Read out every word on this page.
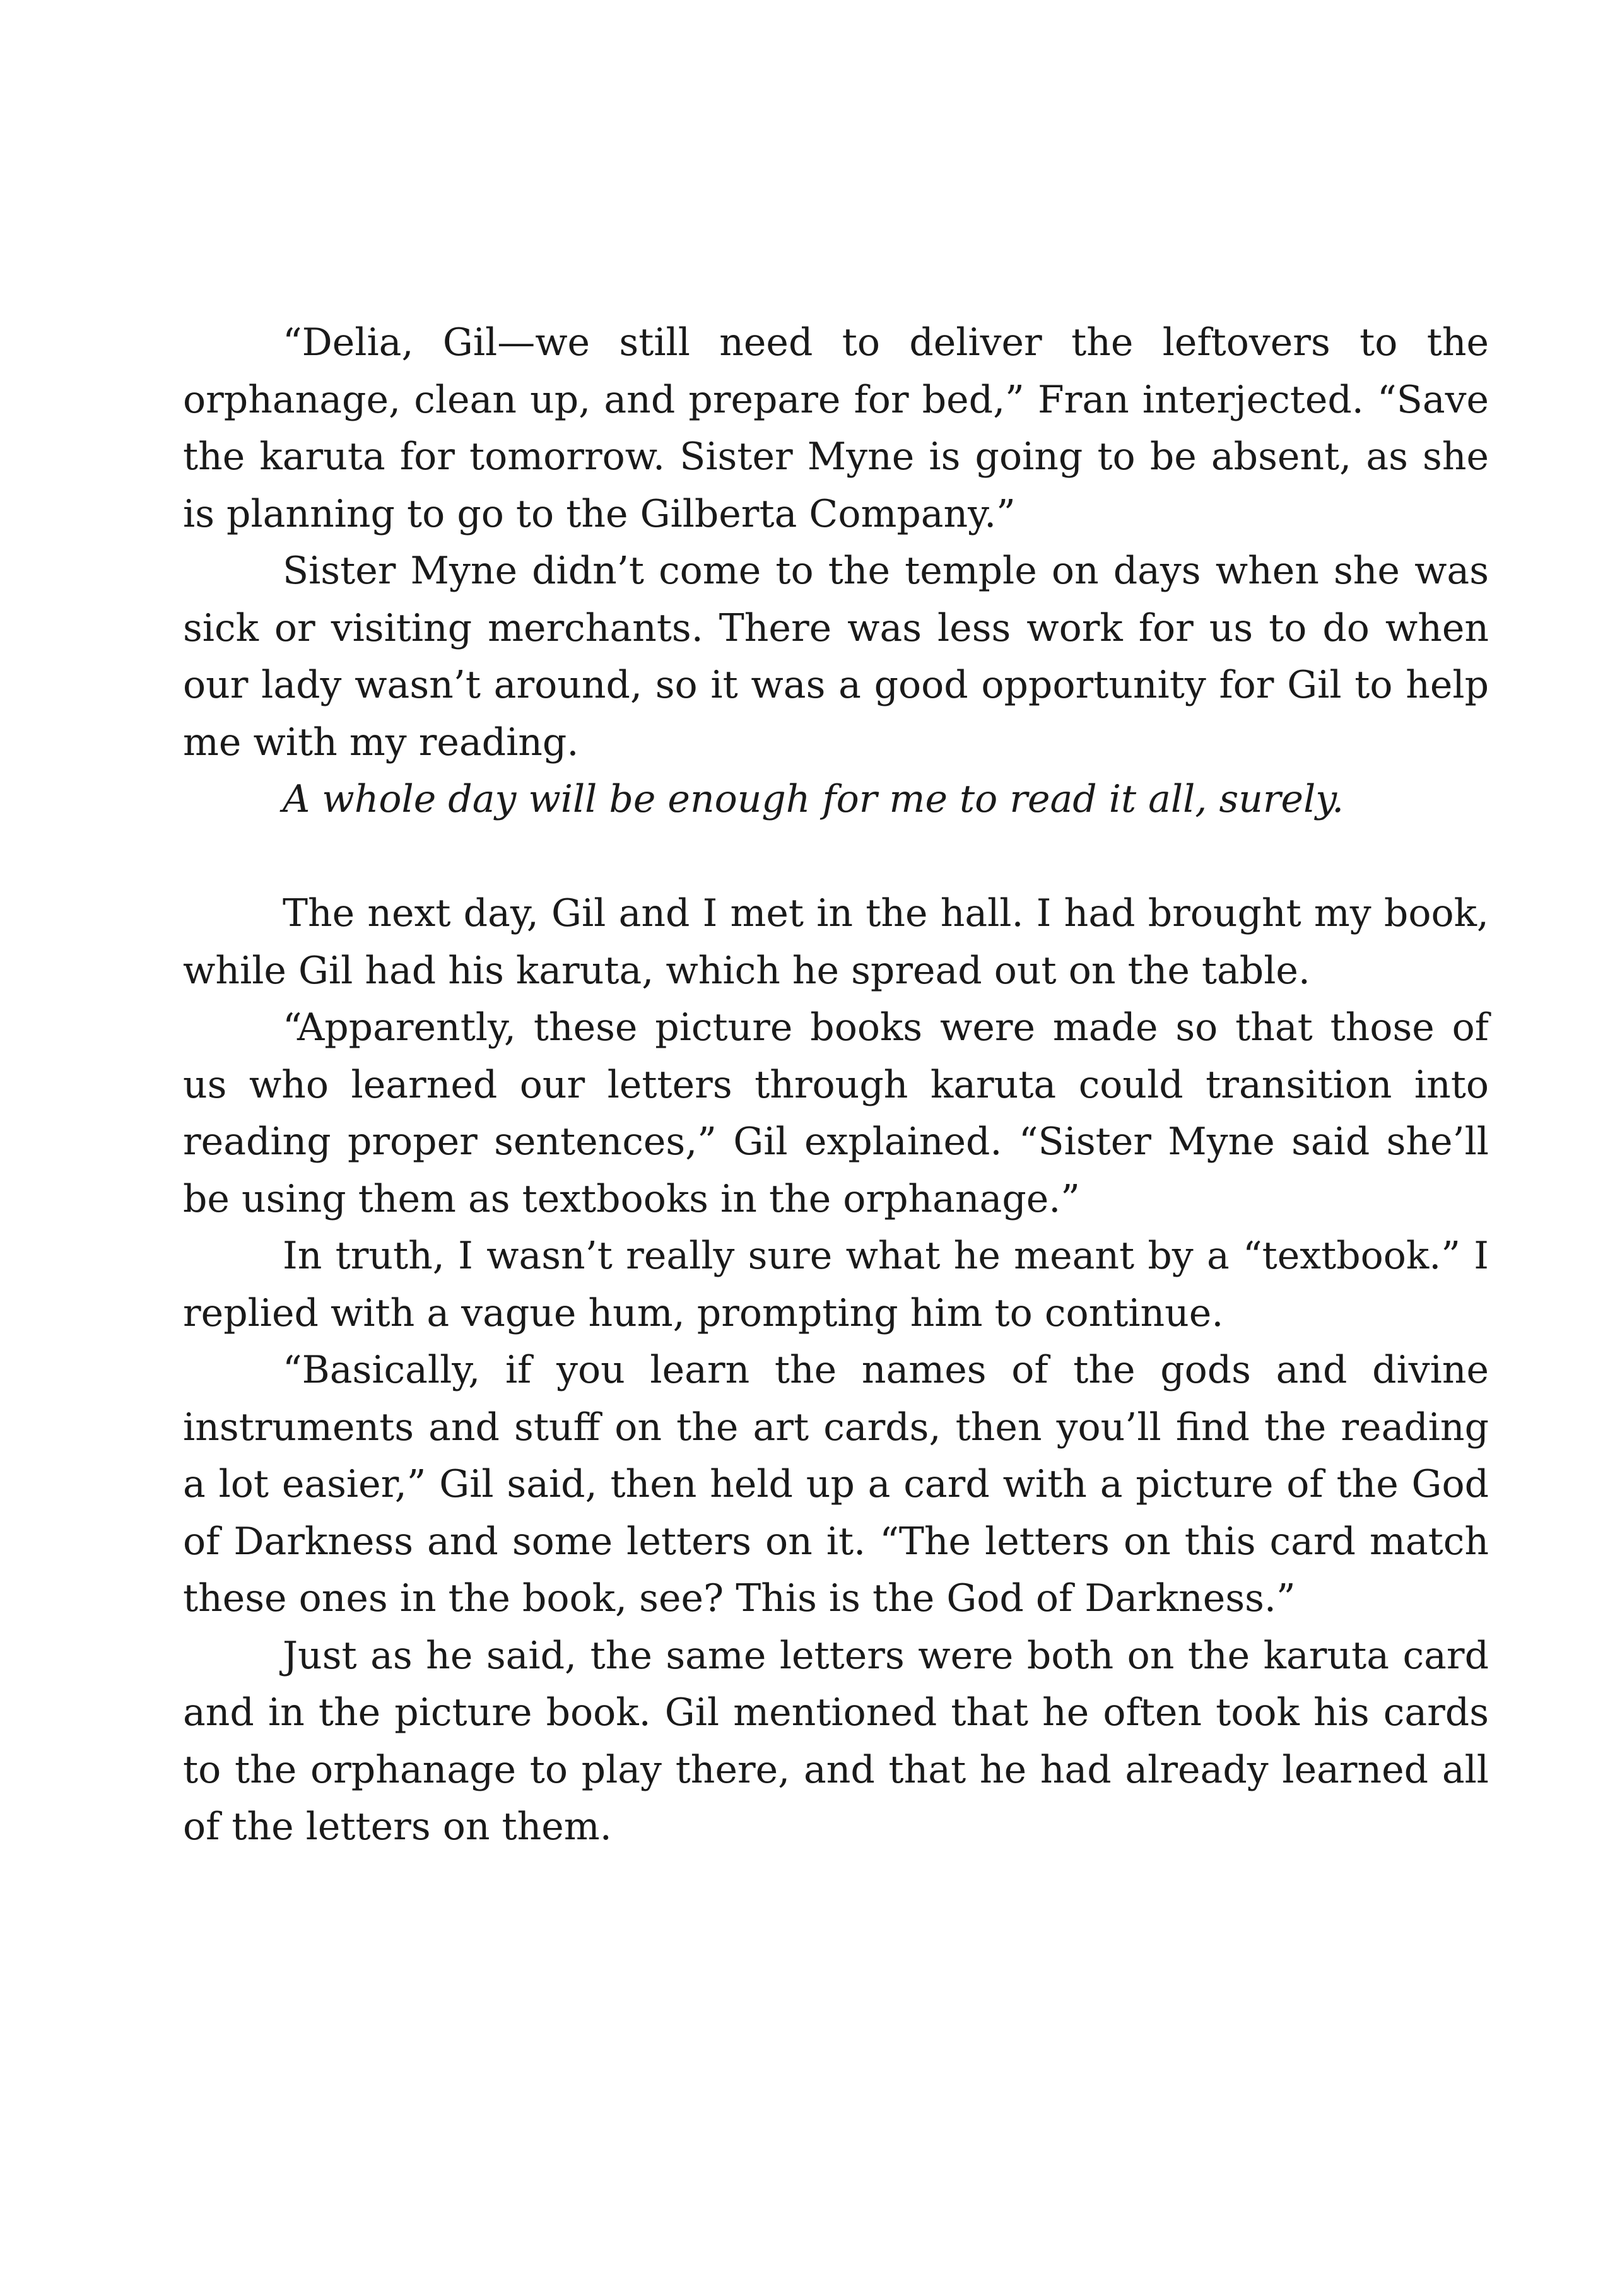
“Delia, Gil—we still need to deliver the leftovers to the orphanage, clean up, and prepare for bed,” Fran interjected. “Save the karuta for tomorrow. Sister Myne is going to be absent, as she is planning to go to the Gilberta Company.”

Sister Myne didn’t come to the temple on days when she was sick or visiting merchants. There was less work for us to do when our lady wasn’t around, so it was a good opportunity for Gil to help me with my reading.

A whole day will be enough for me to read it all, surely.

The next day, Gil and I met in the hall. I had brought my book, while Gil had his karuta, which he spread out on the table.

“Apparently, these picture books were made so that those of us who learned our letters through karuta could transition into reading proper sentences,” Gil explained. “Sister Myne said she’ll be using them as textbooks in the orphanage.”

In truth, I wasn’t really sure what he meant by a “textbook.” I replied with a vague hum, prompting him to continue.

“Basically, if you learn the names of the gods and divine instruments and stuff on the art cards, then you’ll find the reading a lot easier,” Gil said, then held up a card with a picture of the God of Darkness and some letters on it. “The letters on this card match these ones in the book, see? This is the God of Darkness.”

Just as he said, the same letters were both on the karuta card and in the picture book. Gil mentioned that he often took his cards to the orphanage to play there, and that he had already learned all of the letters on them.
